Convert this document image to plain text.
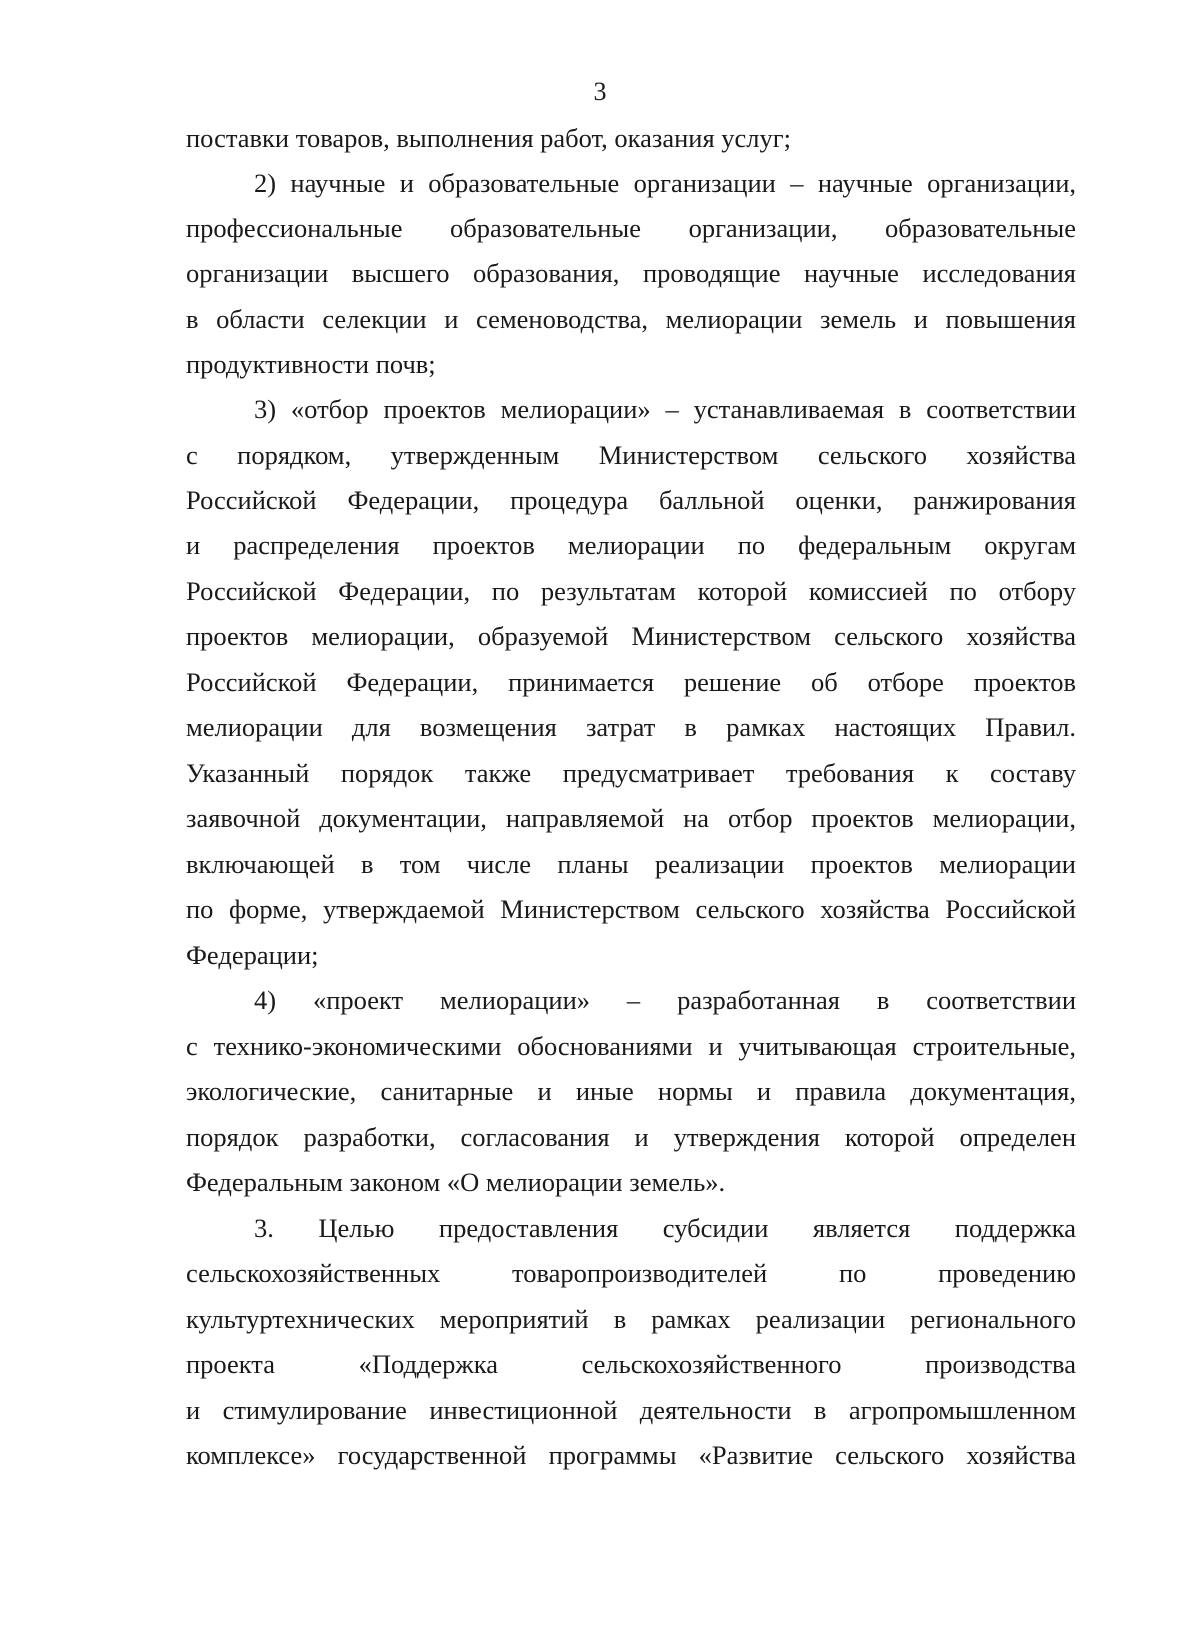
3
поставки товаров, выполнения работ, оказания услуг;
2) научные и образовательные организации – научные организации,
профессиональные образовательные организации, образовательные
организации высшего образования, проводящие научные исследования
в области селекции и семеноводства, мелиорации земель и повышения
продуктивности почв;
3) «отбор проектов мелиорации» – устанавливаемая в соответствии
с порядком, утвержденным Министерством сельского хозяйства
Российской Федерации, процедура балльной оценки, ранжирования
и распределения проектов мелиорации по федеральным округам
Российской Федерации, по результатам которой комиссией по отбору
проектов мелиорации, образуемой Министерством сельского хозяйства
Российской Федерации, принимается решение об отборе проектов
мелиорации для возмещения затрат в рамках настоящих Правил.
Указанный порядок также предусматривает требования к составу
заявочной документации, направляемой на отбор проектов мелиорации,
включающей в том числе планы реализации проектов мелиорации
по форме, утверждаемой Министерством сельского хозяйства Российской
Федерации;
4) «проект мелиорации» – разработанная в соответствии
с технико-экономическими обоснованиями и учитывающая строительные,
экологические, санитарные и иные нормы и правила документация,
порядок разработки, согласования и утверждения которой определен
Федеральным законом «О мелиорации земель».
3. Целью предоставления субсидии является поддержка
сельскохозяйственных товаропроизводителей по проведению
культуртехнических мероприятий в рамках реализации регионального
проекта «Поддержка сельскохозяйственного производства
и стимулирование инвестиционной деятельности в агропромышленном
комплексе» государственной программы «Развитие сельского хозяйства
